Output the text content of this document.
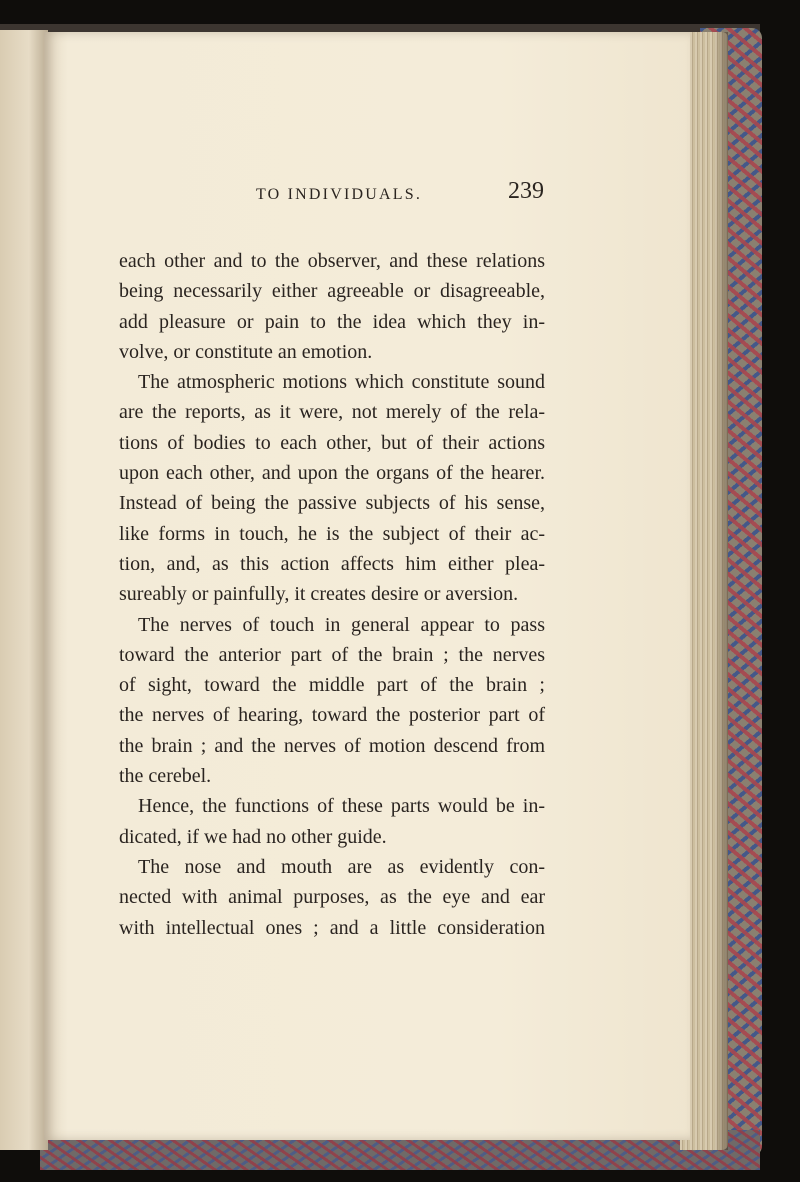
TO INDIVIDUALS.	239
each other and to the observer, and these relations
being necessarily either agreeable or disagreeable,
add pleasure or pain to the idea which they in-
volve, or constitute an emotion.
The atmospheric motions which constitute sound
are the reports, as it were, not merely of the rela-
tions of bodies to each other, but of their actions
upon each other, and upon the organs of the hearer.
Instead of being the passive subjects of his sense,
like forms in touch, he is the subject of their ac-
tion, and, as this action affects him either plea-
sureably or painfully, it creates desire or aversion.
The nerves of touch in general appear to pass
toward the anterior part of the brain ; the nerves
of sight, toward the middle part of the brain ;
the nerves of hearing, toward the posterior part of
the brain ; and the nerves of motion descend from
the cerebel.
Hence, the functions of these parts would be in-
dicated, if we had no other guide.
The nose and mouth are as evidently con-
nected with animal purposes, as the eye and ear
with intellectual ones ; and a little consideration
